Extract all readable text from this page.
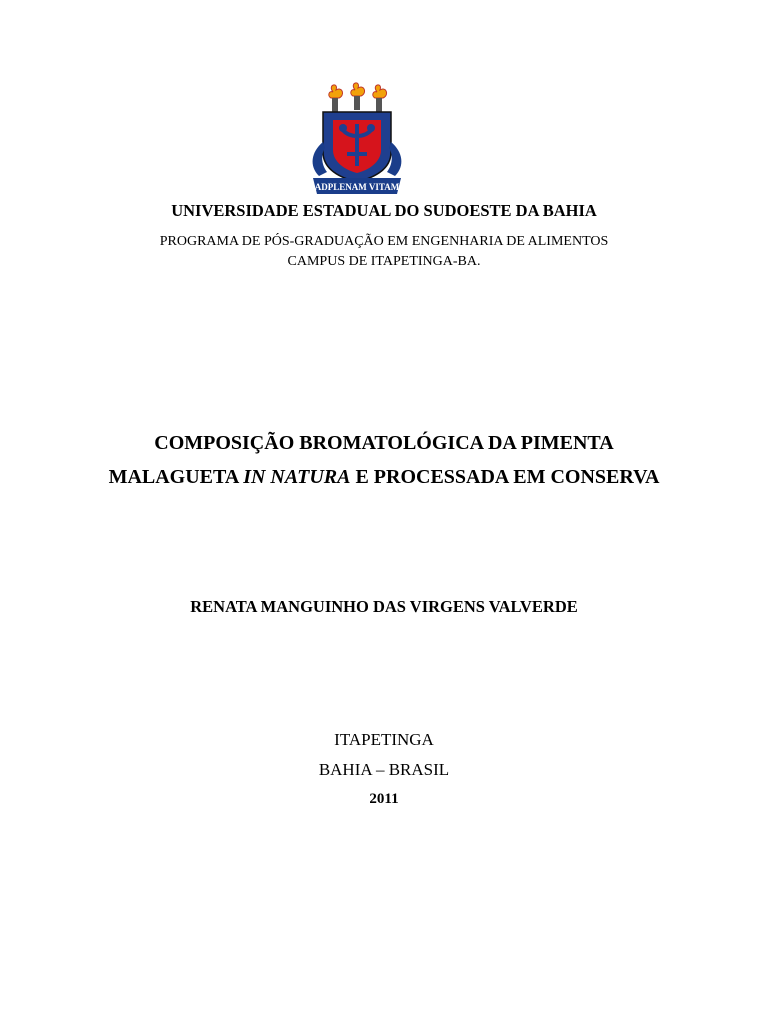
ADPLENAM VITAM
UNIVERSIDADE ESTADUAL DO SUDOESTE DA BAHIA
PROGRAMA DE PÓS-GRADUAÇÃO EM ENGENHARIA DE ALIMENTOS
CAMPUS DE ITAPETINGA-BA.
COMPOSIÇÃO BROMATOLÓGICA DA PIMENTA
MALAGUETA IN NATURA E PROCESSADA EM CONSERVA
RENATA MANGUINHO DAS VIRGENS VALVERDE
ITAPETINGA
BAHIA – BRASIL
2011
